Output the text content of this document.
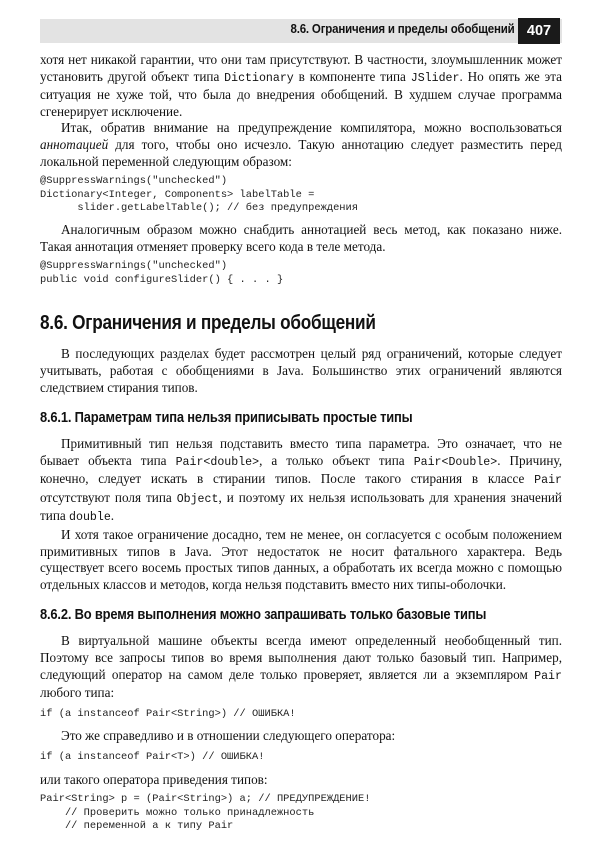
8.6. Ограничения и пределы обобщений 407

хотя нет никакой гарантии, что они там присутствуют. В частности, злоумышленник может установить другой объект типа Dictionary в компоненте типа JSlider. Но опять же эта ситуация не хуже той, что была до внедрения обобщений. В худшем случае программа сгенерирует исключение.

Итак, обратив внимание на предупреждение компилятора, можно воспользоваться аннотацией для того, чтобы оно исчезло. Такую аннотацию следует разместить перед локальной переменной следующим образом:

@SuppressWarnings("unchecked")
Dictionary<Integer, Components> labelTable =
slider.getLabelTable(); // без предупреждения

Аналогичным образом можно снабдить аннотацией весь метод, как показано ниже. Такая аннотация отменяет проверку всего кода в теле метода.

@SuppressWarnings("unchecked")
public void configureSlider() { . . . }
8.6. Ограничения и пределы обобщений

В последующих разделах будет рассмотрен целый ряд ограничений, которые следует учитывать, работая с обобщениями в Java. Большинство этих ограничений являются следствием стирания типов.

8.6.1. Параметрам типа нельзя приписывать простые типы

Примитивный тип нельзя подставить вместо типа параметра. Это означает, что не бывает объекта типа Pair<double>, а только объект типа Pair<Double>. Причину, конечно, следует искать в стирании типов. После такого стирания в классе Pair отсутствуют поля типа Object, и поэтому их нельзя использовать для хранения значений типа double.

И хотя такое ограничение досадно, тем не менее, он согласуется с особым положением примитивных типов в Java. Этот недостаток не носит фатального характера. Ведь существует всего восемь простых типов данных, а обработать их всегда можно с помощью отдельных классов и методов, когда нельзя подставить вместо них типы-оболочки.

8.6.2. Во время выполнения можно запрашивать только базовые типы

В виртуальной машине объекты всегда имеют определенный необобщенный тип. Поэтому все запросы типов во время выполнения дают только базовый тип. Например, следующий оператор на самом деле только проверяет, является ли a экземпляром Pair любого типа:

if (a instanceof Pair<String>) // ОШИБКА!

Это же справедливо и в отношении следующего оператора:

if (a instanceof Pair<T>) // ОШИБКА!

или такого оператора приведения типов:

Pair<String> p = (Pair<String>) a; // ПРЕДУПРЕЖДЕНИЕ!
// Проверить можно только принадлежность
// переменной a к типу Pair
